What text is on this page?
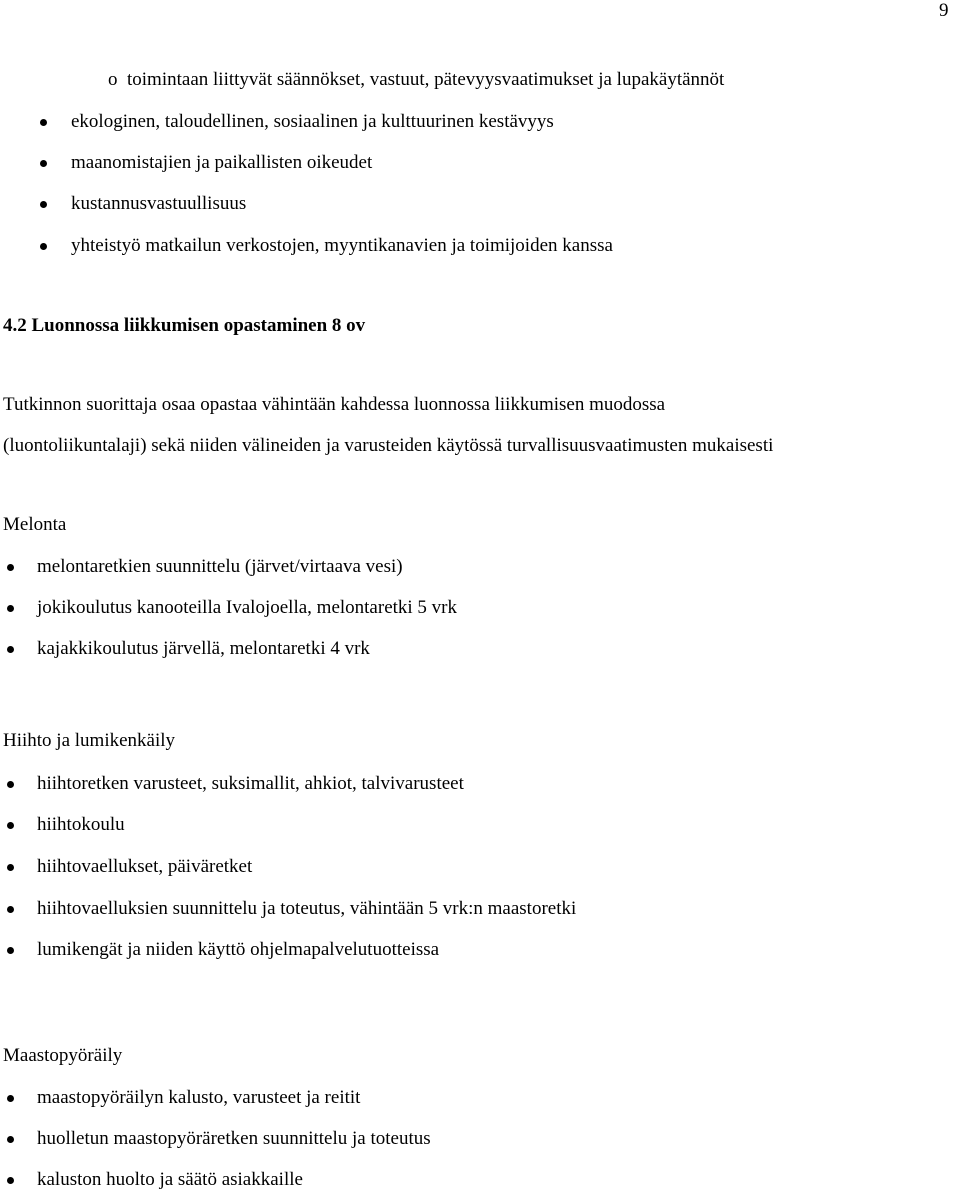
9
o toimintaan liittyvät säännökset, vastuut, pätevyysvaatimukset ja lupakäytännöt
ekologinen, taloudellinen, sosiaalinen ja kulttuurinen kestävyys
maanomistajien ja paikallisten oikeudet
kustannusvastuullisuus
yhteistyö matkailun verkostojen, myyntikanavien ja toimijoiden kanssa
4.2 Luonnossa liikkumisen opastaminen 8 ov
Tutkinnon suorittaja osaa opastaa vähintään kahdessa luonnossa liikkumisen muodossa
(luontoliikuntalaji) sekä niiden välineiden ja varusteiden käytössä turvallisuusvaatimusten mukaisesti
Melonta
melontaretkien suunnittelu (järvet/virtaava vesi)
jokikoulutus kanooteilla Ivalojoella, melontaretki 5 vrk
kajakkikoulutus järvellä, melontaretki 4 vrk
Hiihto ja lumikenkäily
hiihtoretken varusteet, suksimallit, ahkiot, talvivarusteet
hiihtokoulu
hiihtovaellukset, päiväretket
hiihtovaelluksien suunnittelu ja toteutus, vähintään 5 vrk:n maastoretki
lumikengät ja niiden käyttö ohjelmapalvelutuotteissa
Maastopyöräily
maastopyöräilyn kalusto, varusteet ja reitit
huolletun maastopyöräretken suunnittelu ja toteutus
kaluston huolto ja säätö asiakkaille
